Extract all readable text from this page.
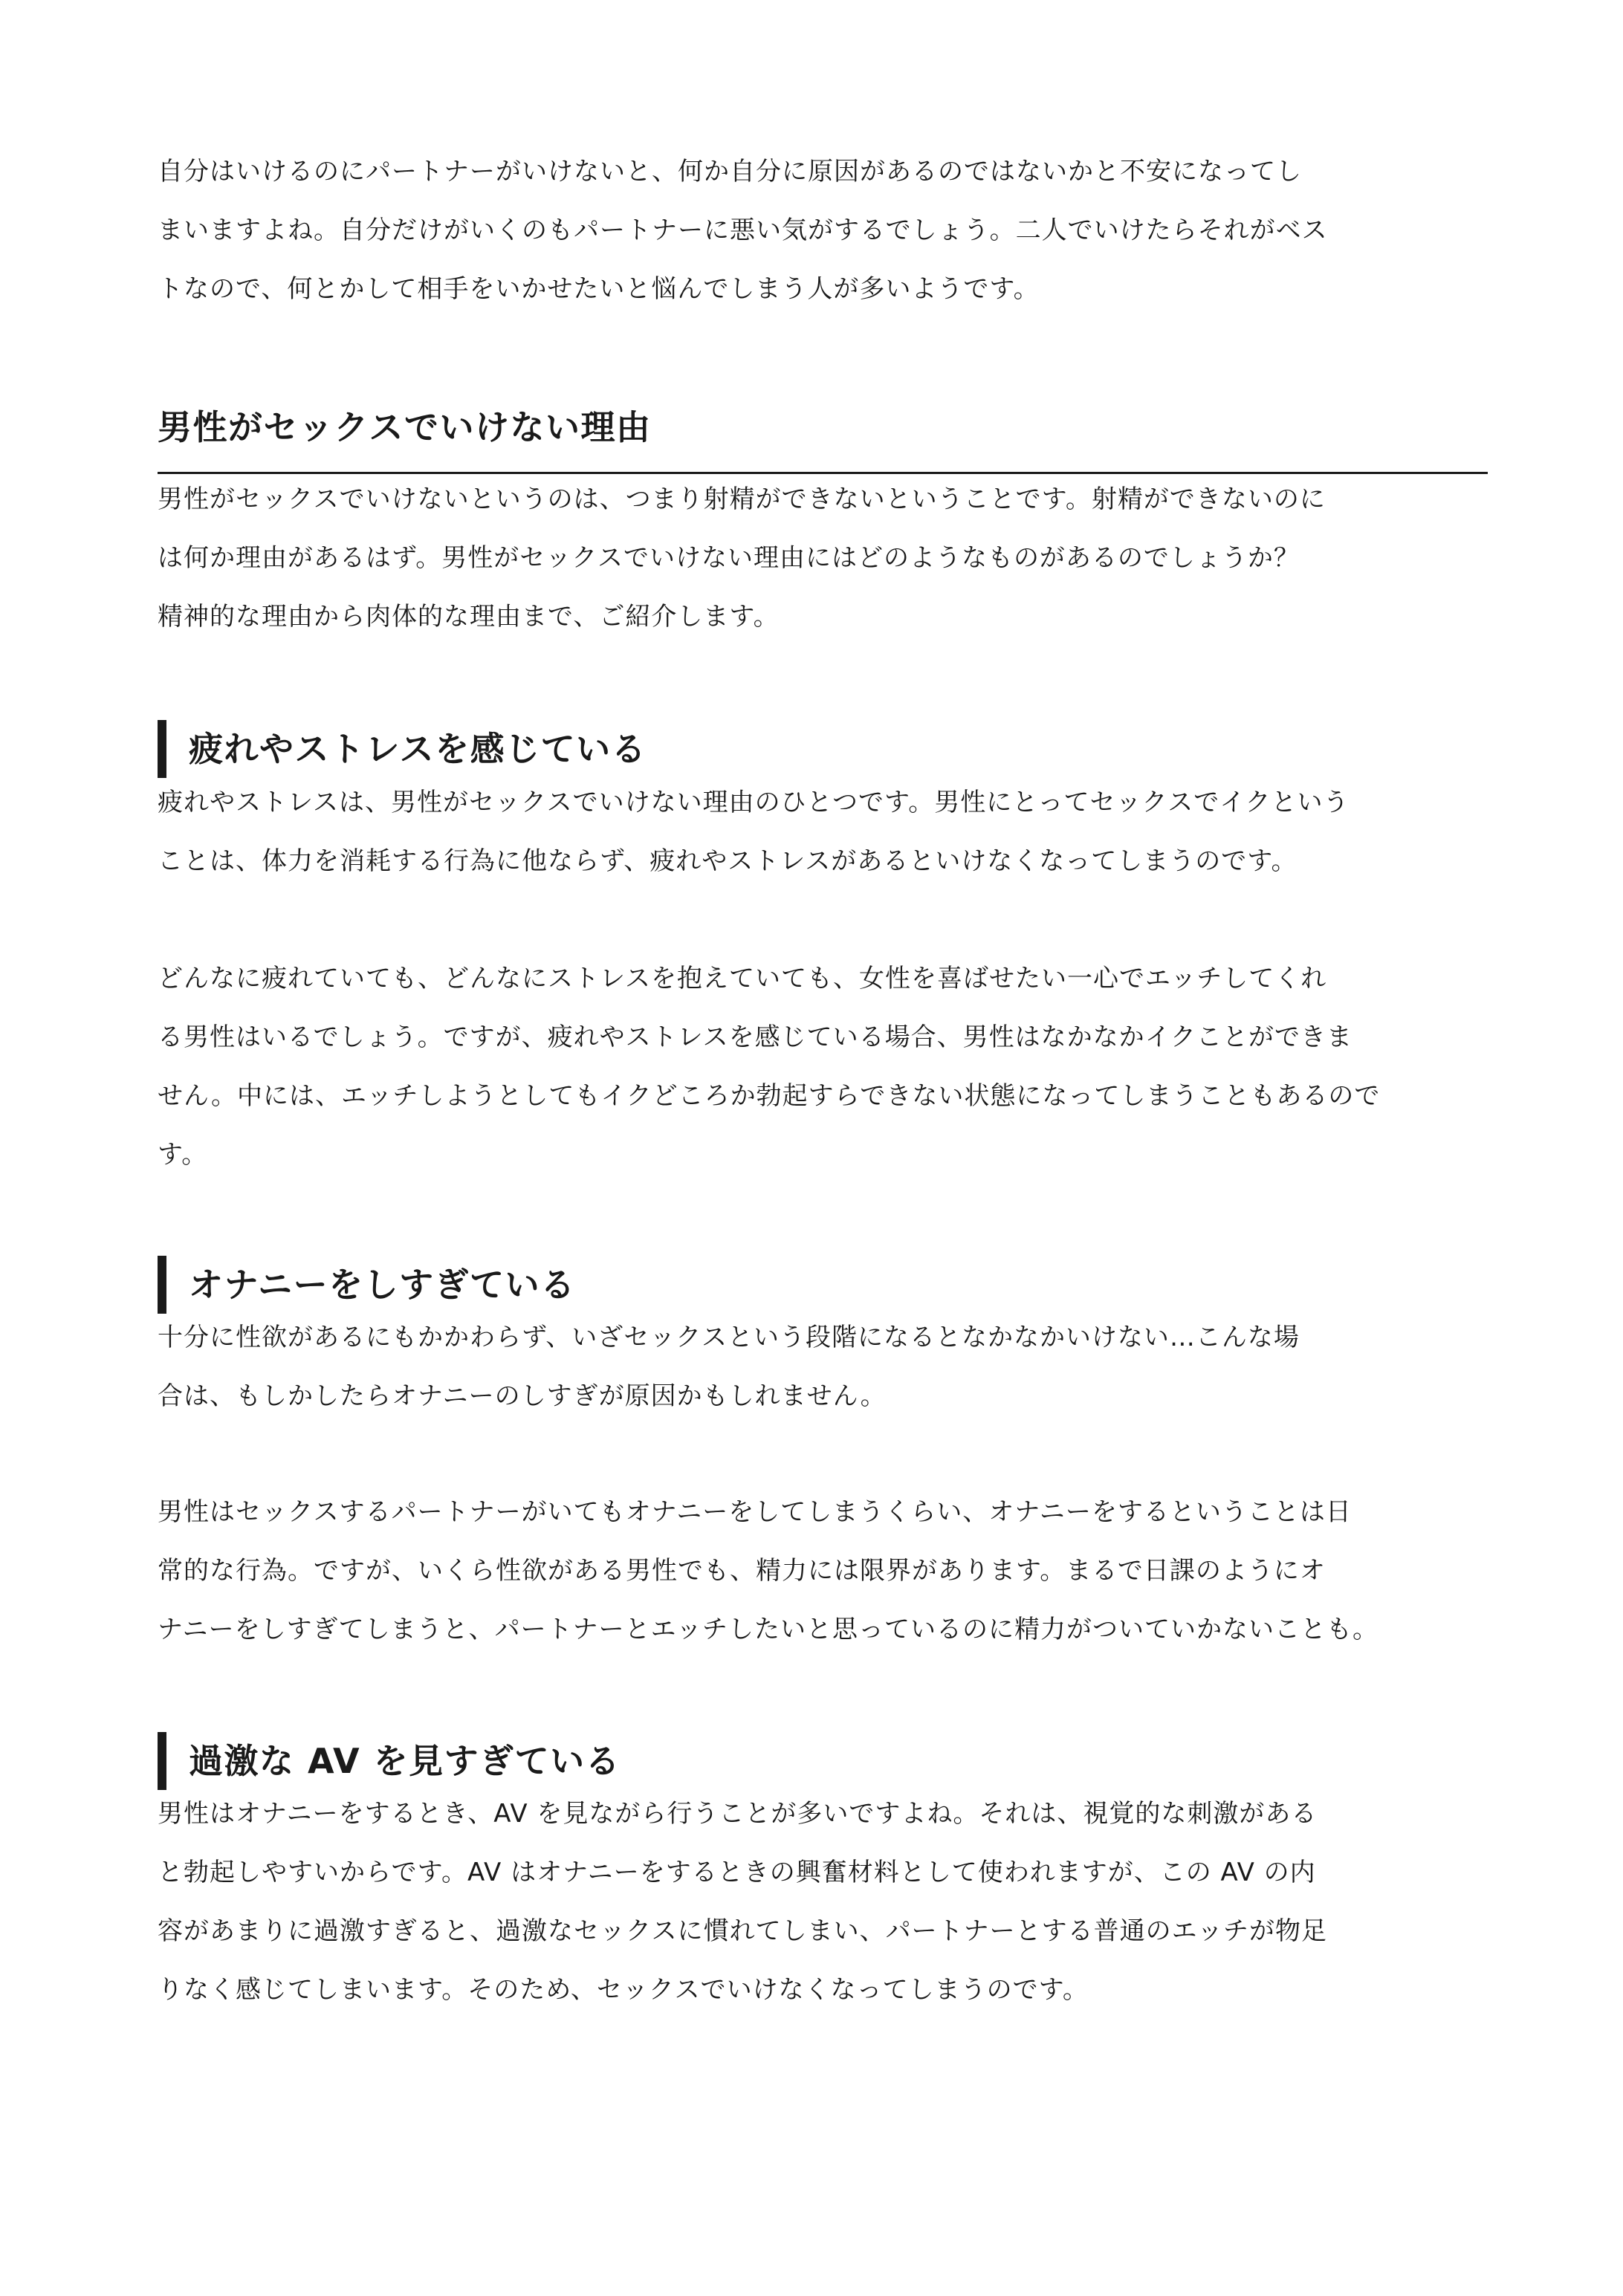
自分はいけるのにパートナーがいけないと、何か自分に原因があるのではないかと不安になってし
まいますよね。自分だけがいくのもパートナーに悪い気がするでしょう。二人でいけたらそれがベス
トなので、何とかして相手をいかせたいと悩んでしまう人が多いようです。

男性がセックスでいけない理由

男性がセックスでいけないというのは、つまり射精ができないということです。射精ができないのに
は何か理由があるはず。男性がセックスでいけない理由にはどのようなものがあるのでしょうか？
精神的な理由から肉体的な理由まで、ご紹介します。

疲れやストレスを感じている

疲れやストレスは、男性がセックスでいけない理由のひとつです。男性にとってセックスでイクという
ことは、体力を消耗する行為に他ならず、疲れやストレスがあるといけなくなってしまうのです。

どんなに疲れていても、どんなにストレスを抱えていても、女性を喜ばせたい一心でエッチしてくれ
る男性はいるでしょう。ですが、疲れやストレスを感じている場合、男性はなかなかイクことができま
せん。中には、エッチしようとしてもイクどころか勃起すらできない状態になってしまうこともあるので
す。

オナニーをしすぎている

十分に性欲があるにもかかわらず、いざセックスという段階になるとなかなかいけない…こんな場
合は、もしかしたらオナニーのしすぎが原因かもしれません。

男性はセックスするパートナーがいてもオナニーをしてしまうくらい、オナニーをするということは日
常的な行為。ですが、いくら性欲がある男性でも、精力には限界があります。まるで日課のようにオ
ナニーをしすぎてしまうと、パートナーとエッチしたいと思っているのに精力がついていかないことも。

過激な AV を見すぎている

男性はオナニーをするとき、AV を見ながら行うことが多いですよね。それは、視覚的な刺激がある
と勃起しやすいからです。AV はオナニーをするときの興奮材料として使われますが、この AV の内
容があまりに過激すぎると、過激なセックスに慣れてしまい、パートナーとする普通のエッチが物足
りなく感じてしまいます。そのため、セックスでいけなくなってしまうのです。
